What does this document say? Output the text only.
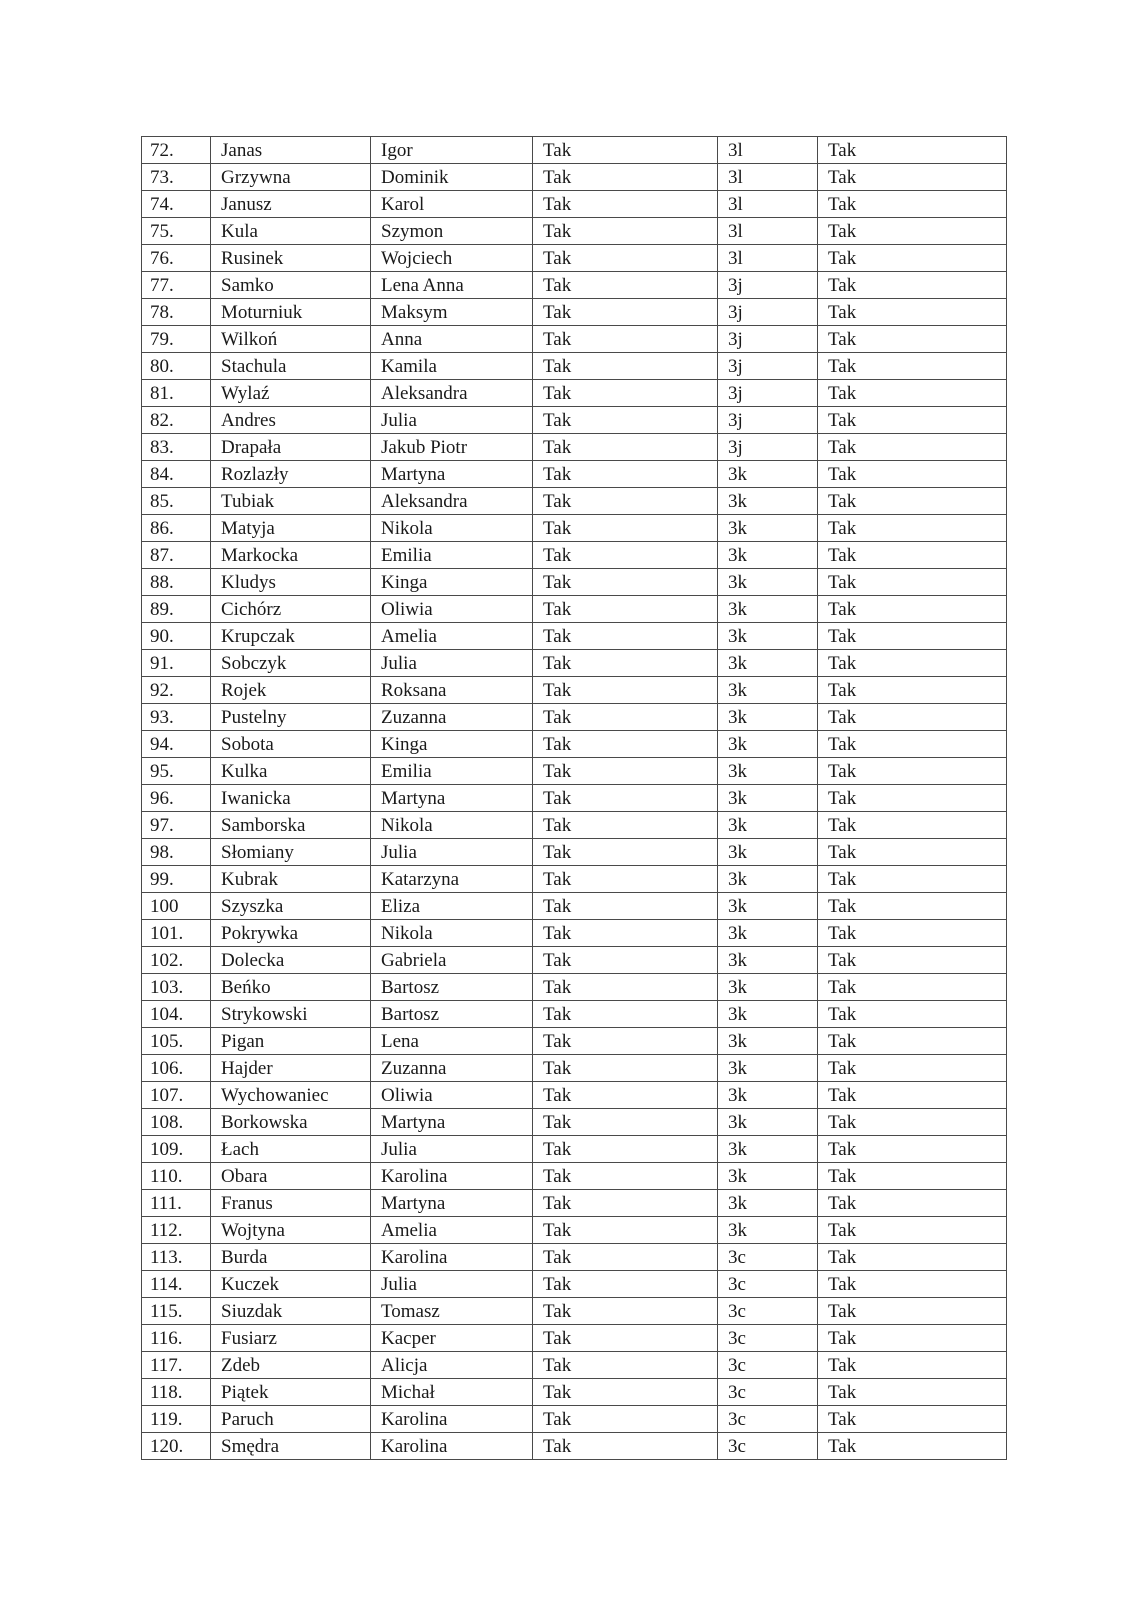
72.	Janas	Igor	Tak	3l	Tak
73.	Grzywna	Dominik	Tak	3l	Tak
74.	Janusz	Karol	Tak	3l	Tak
75.	Kula	Szymon	Tak	3l	Tak
76.	Rusinek	Wojciech	Tak	3l	Tak
77.	Samko	Lena Anna	Tak	3j	Tak
78.	Moturniuk	Maksym	Tak	3j	Tak
79.	Wilkoń	Anna	Tak	3j	Tak
80.	Stachula	Kamila	Tak	3j	Tak
81.	Wylaź	Aleksandra	Tak	3j	Tak
82.	Andres	Julia	Tak	3j	Tak
83.	Drapała	Jakub Piotr	Tak	3j	Tak
84.	Rozlazły	Martyna	Tak	3k	Tak
85.	Tubiak	Aleksandra	Tak	3k	Tak
86.	Matyja	Nikola	Tak	3k	Tak
87.	Markocka	Emilia	Tak	3k	Tak
88.	Kludys	Kinga	Tak	3k	Tak
89.	Cichórz	Oliwia	Tak	3k	Tak
90.	Krupczak	Amelia	Tak	3k	Tak
91.	Sobczyk	Julia	Tak	3k	Tak
92.	Rojek	Roksana	Tak	3k	Tak
93.	Pustelny	Zuzanna	Tak	3k	Tak
94.	Sobota	Kinga	Tak	3k	Tak
95.	Kulka	Emilia	Tak	3k	Tak
96.	Iwanicka	Martyna	Tak	3k	Tak
97.	Samborska	Nikola	Tak	3k	Tak
98.	Słomiany	Julia	Tak	3k	Tak
99.	Kubrak	Katarzyna	Tak	3k	Tak
100	Szyszka	Eliza	Tak	3k	Tak
101.	Pokrywka	Nikola	Tak	3k	Tak
102.	Dolecka	Gabriela	Tak	3k	Tak
103.	Beńko	Bartosz	Tak	3k	Tak
104.	Strykowski	Bartosz	Tak	3k	Tak
105.	Pigan	Lena	Tak	3k	Tak
106.	Hajder	Zuzanna	Tak	3k	Tak
107.	Wychowaniec	Oliwia	Tak	3k	Tak
108.	Borkowska	Martyna	Tak	3k	Tak
109.	Łach	Julia	Tak	3k	Tak
110.	Obara	Karolina	Tak	3k	Tak
111.	Franus	Martyna	Tak	3k	Tak
112.	Wojtyna	Amelia	Tak	3k	Tak
113.	Burda	Karolina	Tak	3c	Tak
114.	Kuczek	Julia	Tak	3c	Tak
115.	Siuzdak	Tomasz	Tak	3c	Tak
116.	Fusiarz	Kacper	Tak	3c	Tak
117.	Zdeb	Alicja	Tak	3c	Tak
118.	Piątek	Michał	Tak	3c	Tak
119.	Paruch	Karolina	Tak	3c	Tak
120.	Smędra	Karolina	Tak	3c	Tak
